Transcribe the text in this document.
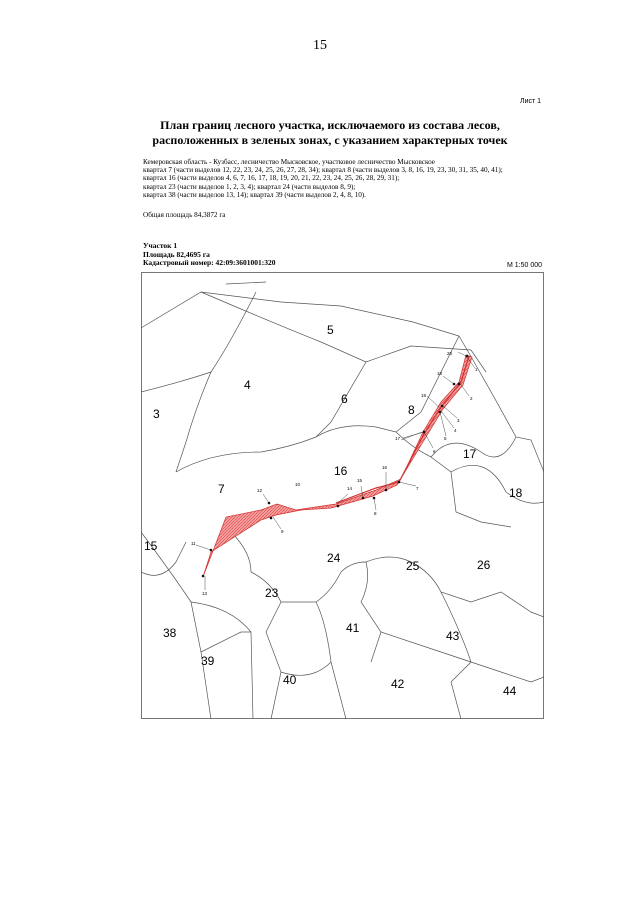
15
Лист 1
План границ лесного участка, исключаемого из состава лесов,
расположенных в зеленых зонах, с указанием характерных точек
Кемеровская область - Кузбасс, лесничество Мысковское, участковое лесничество Мысковское
квартал 7 (части выделов 12, 22, 23, 24, 25, 26, 27, 28, 34); квартал 8 (части выделов 3, 8, 16, 19, 23, 30, 31, 35, 40, 41);
квартал 16 (части выделов 4, 6, 7, 16, 17, 18, 19, 20, 21, 22, 23, 24, 25, 26, 28, 29, 31);
квартал 23 (части выделов 1, 2, 3, 4); квартал 24 (части выделов 8, 9);
квартал 38 (части выделов 13, 14); квартал 39 (части выделов 2, 4, 8, 10).
Общая площадь 84,3872 га
Участок 1
Площадь 82,4695 га
Кадастровый номер: 42:09:3601001:320	М 1:50 000
1
2
3
4
5
6
7
8
9
10
11
12
13
14
15
16
17
18
19
20
3
4
5
6
7
8
15
16
17
18
23
24
25	26
38
39
40
41
42
43
44
